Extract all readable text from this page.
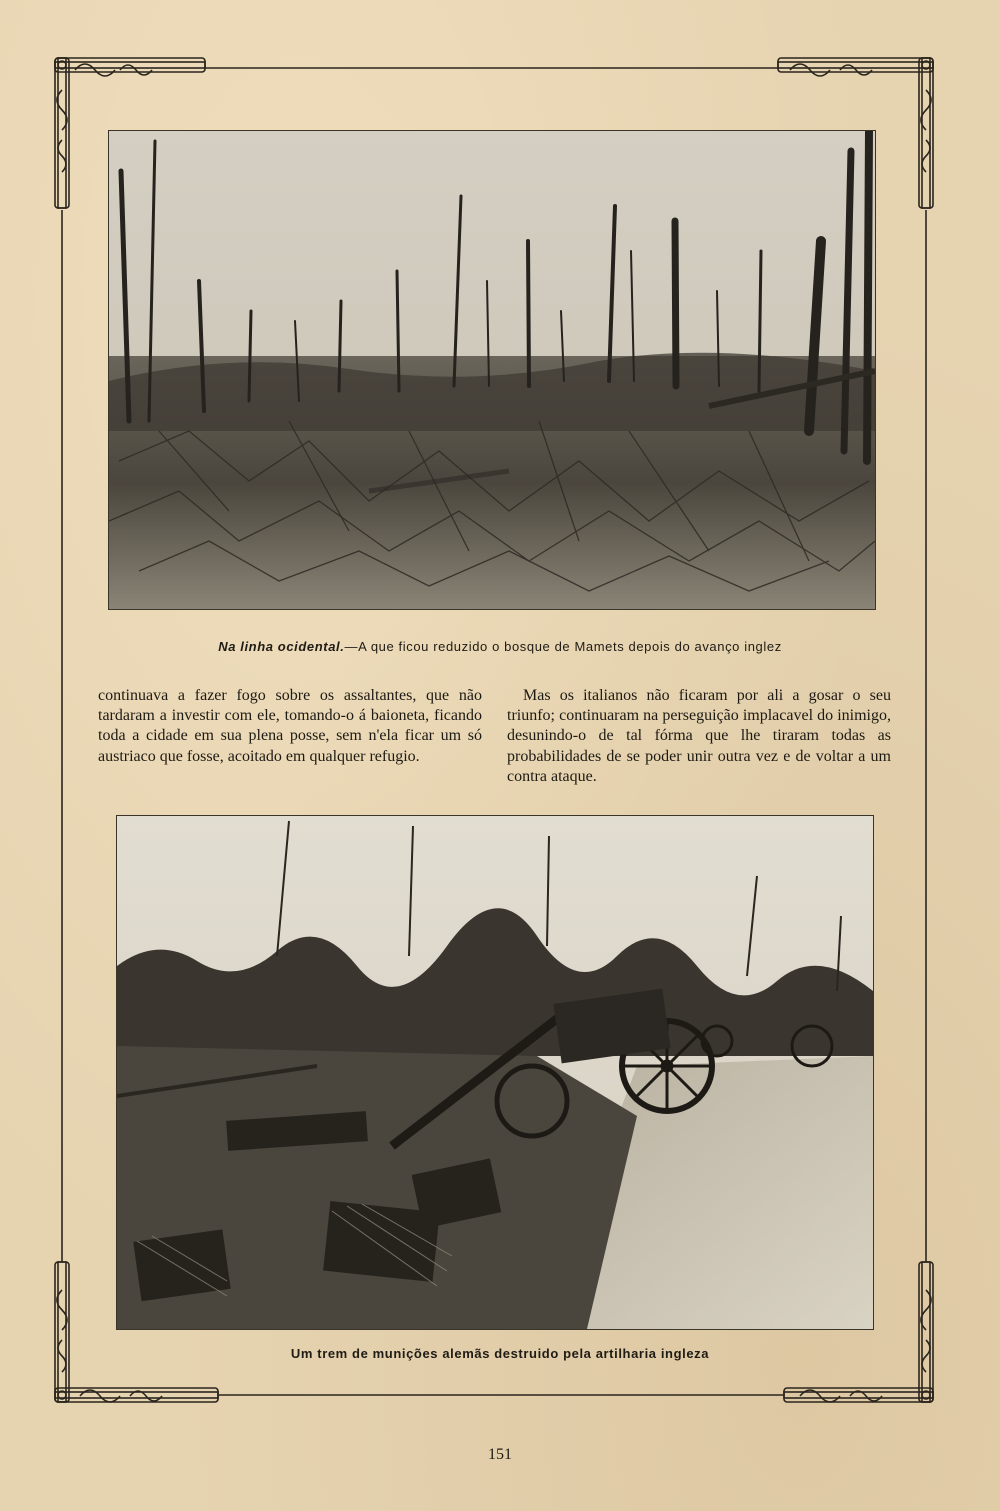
Na linha ocidental.—A que ficou reduzido o bosque de Mamets depois do avanço inglez

continuava a fazer fogo sobre os assaltantes, que não tardaram a investir com ele, tomando-o á baioneta, ficando toda a cidade em sua plena posse, sem n'ela ficar um só austriaco que fosse, acoitado em qualquer refugio.

Mas os italianos não ficaram por ali a gosar o seu triunfo; continuaram na perseguição implacavel do inimigo, desunindo-o de tal fórma que lhe tiraram todas as probabilidades de se poder unir outra vez e de voltar a um contra ataque.

Um trem de munições alemãs destruido pela artilharia ingleza
151
